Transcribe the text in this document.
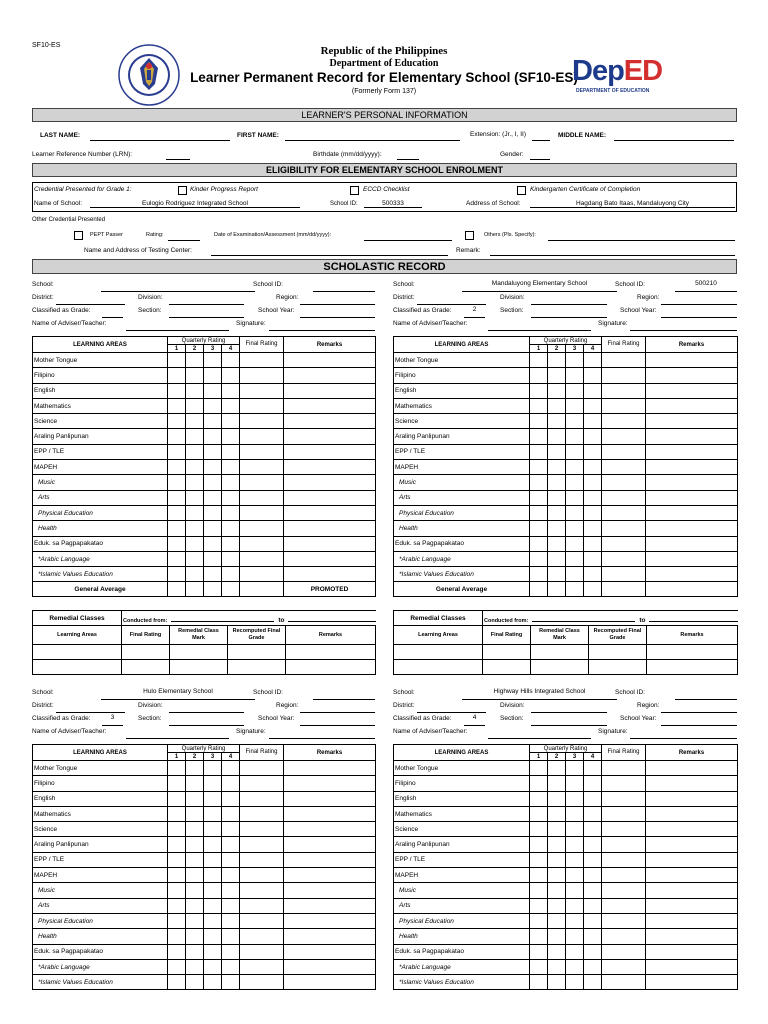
SF10-ES	Republic of the Philippines
Department of Education
Learner Permanent Record for Elementary School (SF10-ES)
(Formerly Form 137)
DepED
DEPARTMENT OF EDUCATION
LEARNER'S PERSONAL INFORMATION
LAST NAME:	FIRST NAME:	Extension: (Jr., I, II)	MIDDLE NAME:
Learner Reference Number (LRN):	Birthdate (mm/dd/yyyy):	Gender:
ELIGIBILITY FOR ELEMENTARY SCHOOL ENROLMENT
Credential Presented for Grade 1:	Kinder Progress Report	ECCD Checklist	Kindergarten Certificate of Completion
Name of School:	Eulogio Rodriguez Integrated School	School ID:	500333	Address of School:	Hagdang Bato Itaas, Mandaluyong City
Other Credential Presented
PEPT Passer	Rating:	Date of Examination/Assessment (mm/dd/yyyy):	Others (Pls. Specify):
Name and Address of Testing Center:	Remark:
SCHOLASTIC RECORD
School:	School ID:
District:	Division:	Region:
Classified as Grade:	Section:	School Year:
Name of Adviser/Teacher:	Signature:
LEARNING AREAS	Quarterly Rating				Final Rating	Remarks
	1	2	3	4		
Mother Tongue						
Filipino						
English						
Mathematics						
Science						
Araling Panlipunan						
EPP / TLE						
MAPEH						
Music						
Arts						
Physical Education						
Health						
Eduk. sa Pagpapakatao						
*Arabic Language						
*Islamic Values Education						
General Average						PROMOTED
Remedial Classes	Conducted from: to			
Learning Areas	Final Rating	Remedial Class Mark	Recomputed Final Grade	Remarks

School:	Mandaluyong Elementary School	School ID:	500210
District:	Division:	Region:
Classified as Grade:	2	Section:	School Year:
Name of Adviser/Teacher:	Signature:
LEARNING AREAS	Quarterly Rating				Final Rating	Remarks
	1	2	3	4		
Mother Tongue						
Filipino						
English						
Mathematics						
Science						
Araling Panlipunan						
EPP / TLE						
MAPEH						
Music						
Arts						
Physical Education						
Health						
Eduk. sa Pagpapakatao						
*Arabic Language						
*Islamic Values Education						
General Average						
Remedial Classes	Conducted from: to			
Learning Areas	Final Rating	Remedial Class Mark	Recomputed Final Grade	Remarks

School:	Hulo Elementary School	School ID:
District:	Division:	Region:
Classified as Grade:	3	Section:	School Year:
Name of Adviser/Teacher:	Signature:
LEARNING AREAS	Quarterly Rating				Final Rating	Remarks
	1	2	3	4		
Mother Tongue						
Filipino						
English						
Mathematics						
Science						
Araling Panlipunan						
EPP / TLE						
MAPEH						
Music						
Arts						
Physical Education						
Health						
Eduk. sa Pagpapakatao						
*Arabic Language						
*Islamic Values Education						
School:	Highway Hills Integrated School	School ID:
District:	Division:	Region:
Classified as Grade:	4	Section:	School Year:
Name of Adviser/Teacher:	Signature:
LEARNING AREAS	Quarterly Rating				Final Rating	Remarks
	1	2	3	4		
Mother Tongue						
Filipino						
English						
Mathematics						
Science						
Araling Panlipunan						
EPP / TLE						
MAPEH						
Music						
Arts						
Physical Education						
Health						
Eduk. sa Pagpapakatao						
*Arabic Language						
*Islamic Values Education						
